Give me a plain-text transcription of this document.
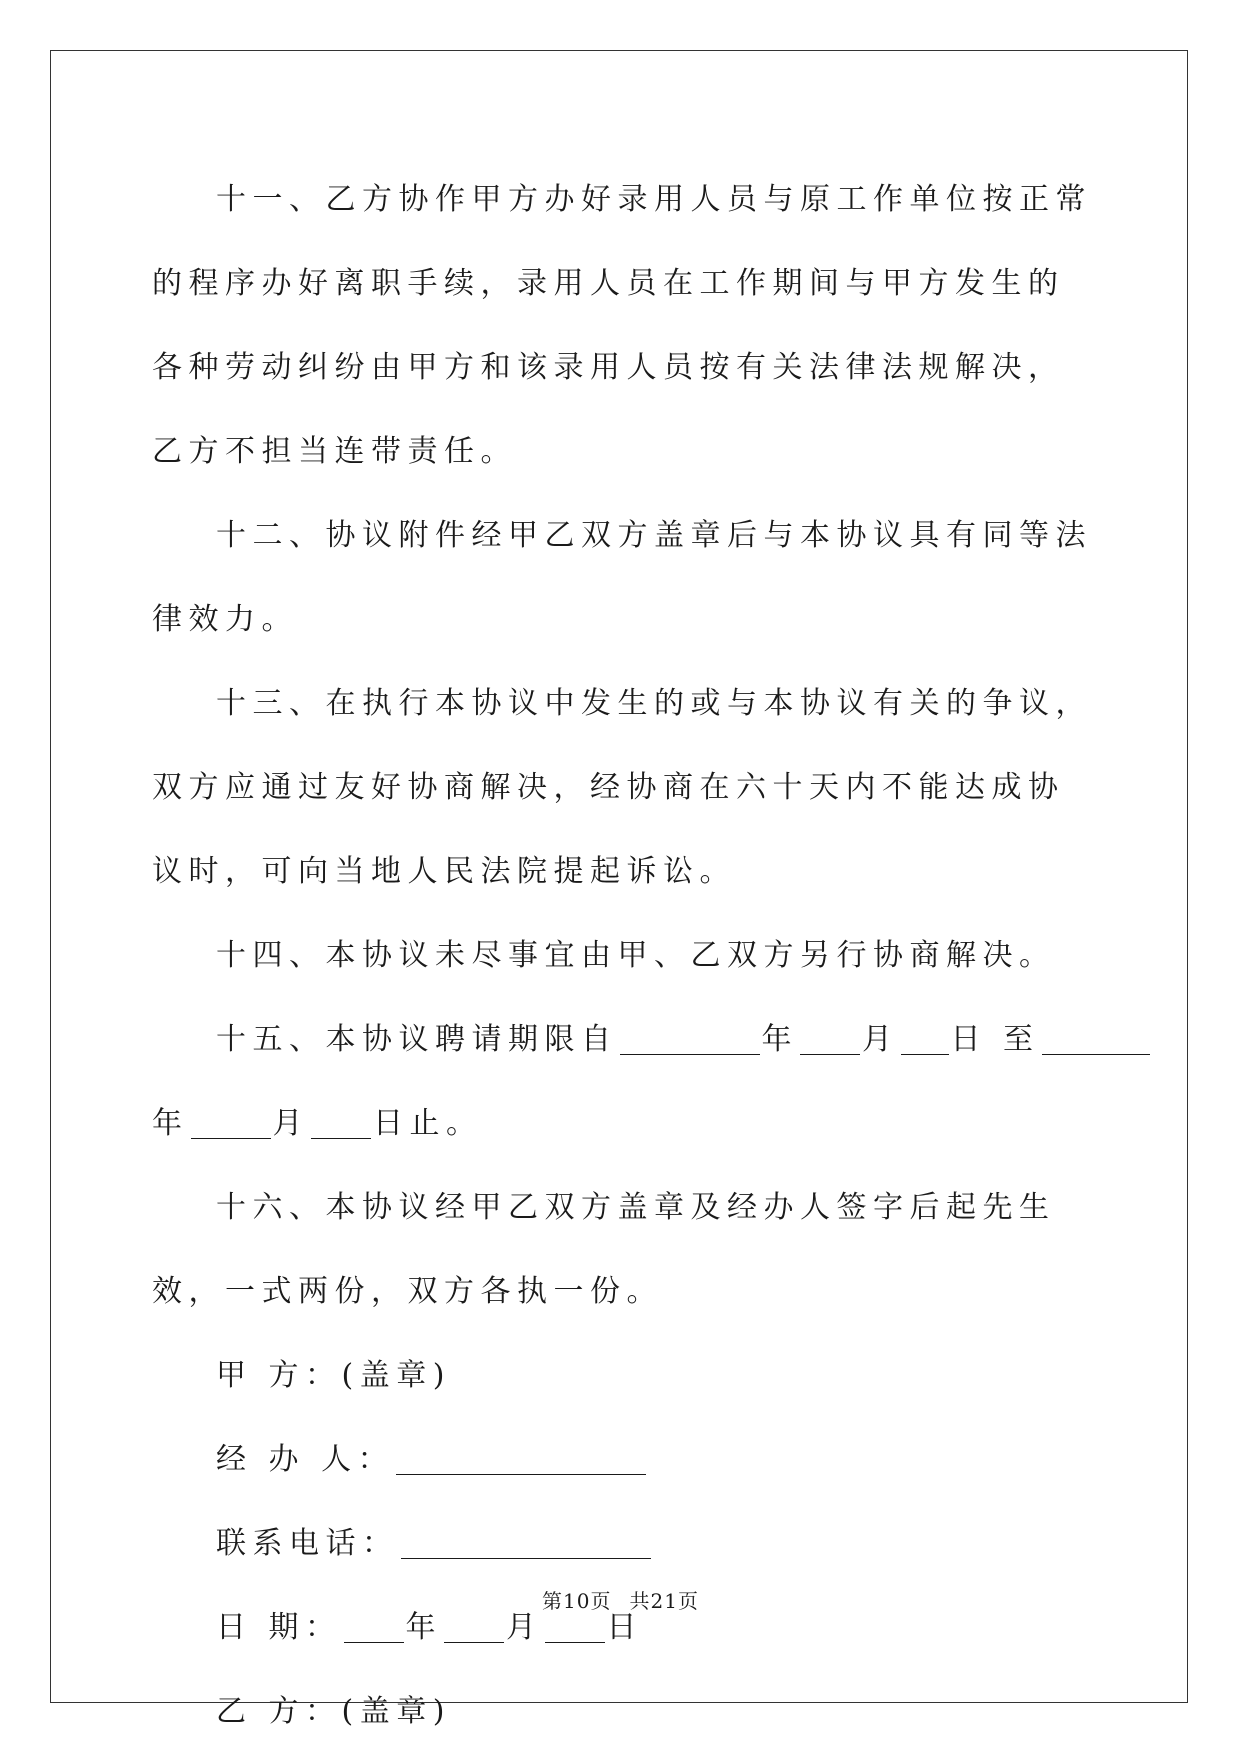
十一、乙方协作甲方办好录用人员与原工作单位按正常的程序办好离职手续，录用人员在工作期间与甲方发生的各种劳动纠纷由甲方和该录用人员按有关法律法规解决，乙方不担当连带责任。

十二、协议附件经甲乙双方盖章后与本协议具有同等法律效力。

十三、在执行本协议中发生的或与本协议有关的争议，双方应通过友好协商解决，经协商在六十天内不能达成协议时，可向当地人民法院提起诉讼。

十四、本协议未尽事宜由甲、乙双方另行协商解决。

十五、本协议聘请期限自	年 月 日 至

年	月 日止。

十六、本协议经甲乙双方盖章及经办人签字后起先生效，一式两份，双方各执一份。

甲 方：(盖章)

经 办 人：

联系电话：

日 期： 年 月 日

乙 方：(盖章)

第10页 共21页
